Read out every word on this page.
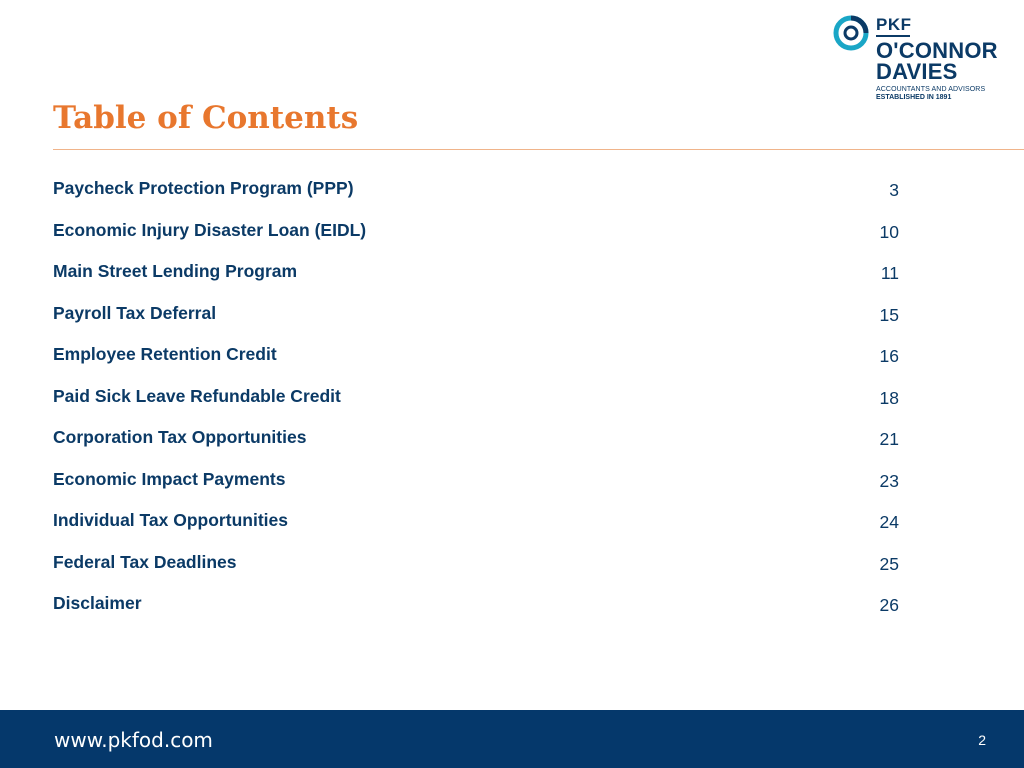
PKF
O'CONNOR
DAVIES
ACCOUNTANTS AND ADVISORS
ESTABLISHED IN 1891
Table of Contents
Paycheck Protection Program (PPP)	3
Economic Injury Disaster Loan (EIDL)	10
Main Street Lending Program	11
Payroll Tax Deferral	15
Employee Retention Credit	16
Paid Sick Leave Refundable Credit	18
Corporation Tax Opportunities	21
Economic Impact Payments	23
Individual Tax Opportunities	24
Federal Tax Deadlines	25
Disclaimer	26
www.pkfod.com	2
